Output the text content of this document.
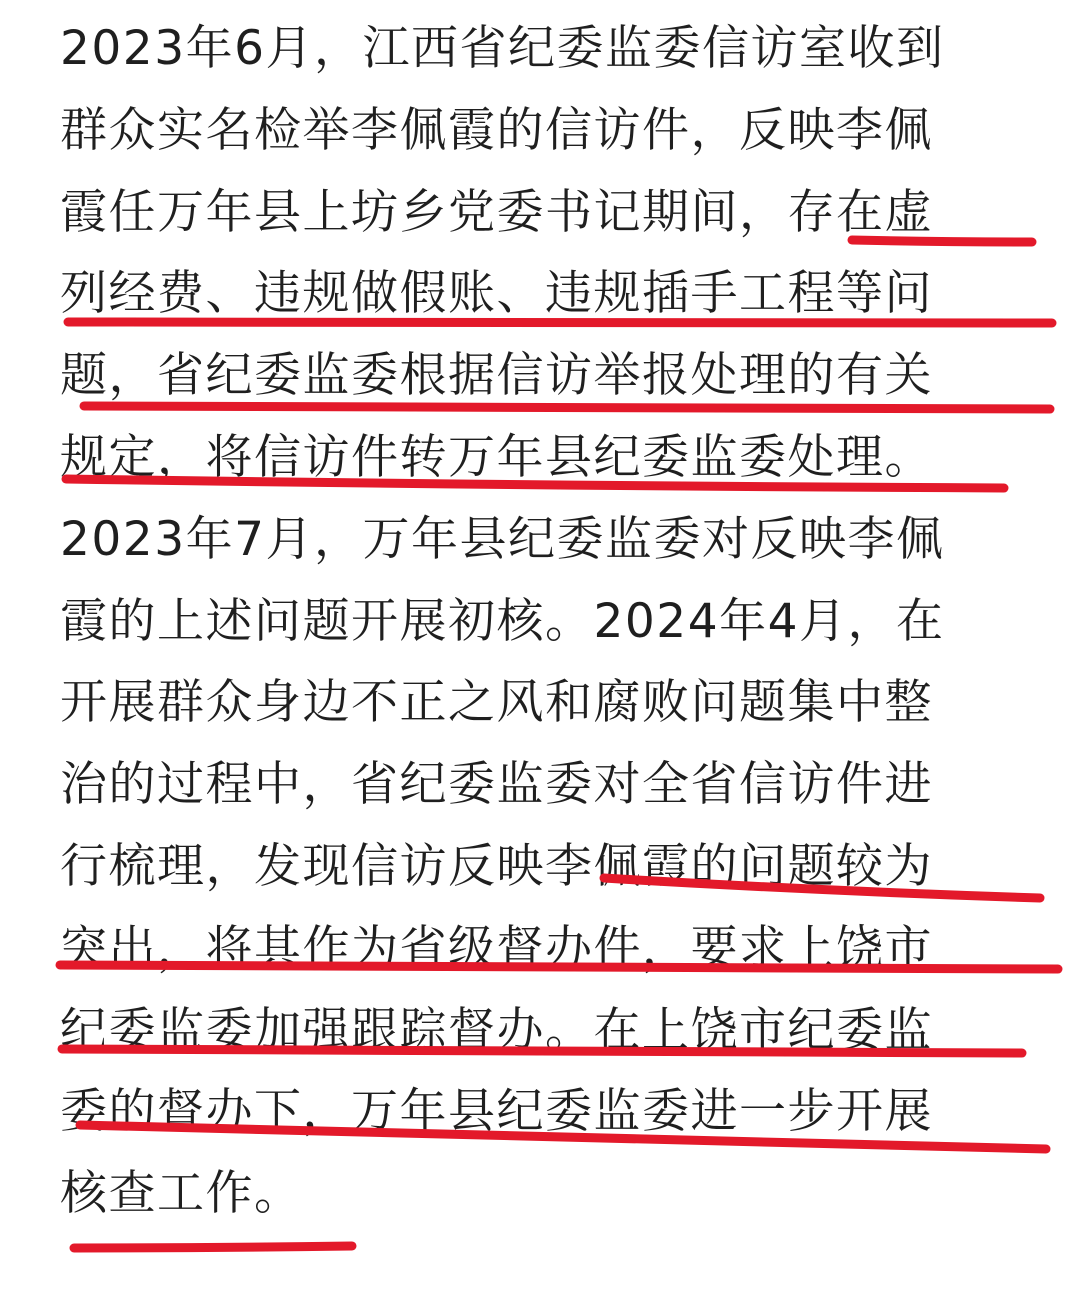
2023年6月，江西省纪委监委信访室收到
群众实名检举李佩霞的信访件，反映李佩
霞任万年县上坊乡党委书记期间，存在虚
列经费、违规做假账、违规插手工程等问
题，省纪委监委根据信访举报处理的有关
规定，将信访件转万年县纪委监委处理。
2023年7月，万年县纪委监委对反映李佩
霞的上述问题开展初核。2024年4月，在
开展群众身边不正之风和腐败问题集中整
治的过程中，省纪委监委对全省信访件进
行梳理，发现信访反映李佩霞的问题较为
突出，将其作为省级督办件，要求上饶市
纪委监委加强跟踪督办。在上饶市纪委监
委的督办下，万年县纪委监委进一步开展
核查工作。
